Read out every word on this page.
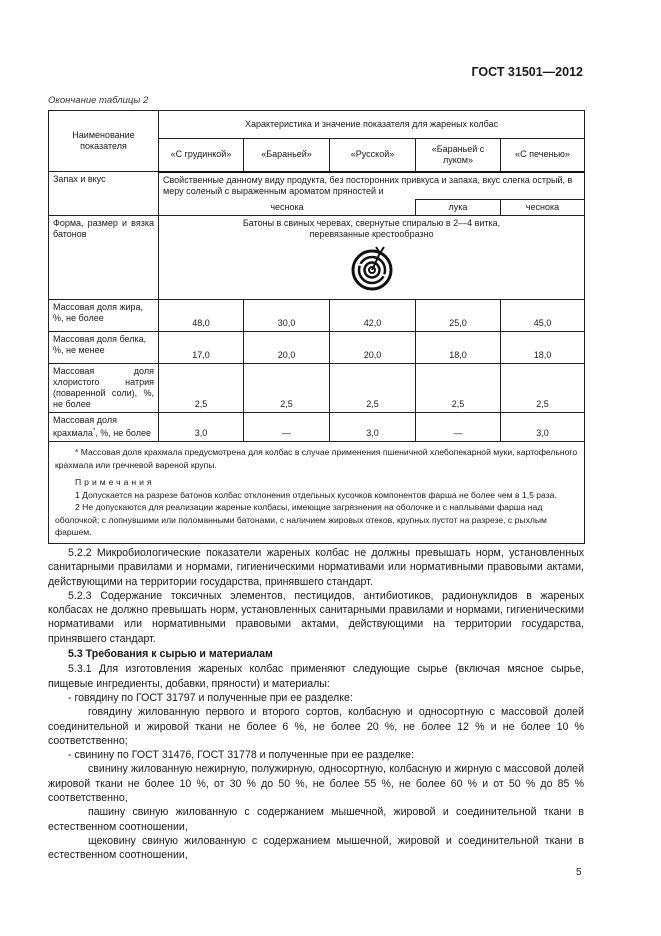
ГОСТ 31501—2012
Окончание таблицы 2
Наименование показателя	Характеристика и значение показателя для жареных колбас				
	«С грудинкой»	«Бараньей»	«Русской»	«Бараньей с луком»	«С печенью»
Запах и вкус	Свойственные данному виду продукта, без посторонних привкуса и запаха, вкус слегка острый, в меру соленый с выраженным ароматом пряностей и				
	чеснока			лука	чеснока
Форма, размер и вязка батонов	Батоны в свиных черевах, свернутые спиралью в 2—4 витка, перевязанные крестообразно				

Массовая доля жира, %, не более	48,0	30,0	42,0	25,0	45,0
Массовая доля белка, %, не менее	17,0	20,0	20,0	18,0	18,0
Массовая доля хлористого натрия (поваренной соли), %, не более	2,5	2,5	2,5	2,5	2,5
Массовая доля крахмала*, %, не более	3,0	—	3,0	—	3,0

* Массовая доля крахмала предусмотрена для колбас в случае применения пшеничной хлебопекарной муки, картофельного крахмала или гречневой вареной крупы.
Примечания
1 Допускается на разрезе батонов колбас отклонения отдельных кусочков компонентов фарша не более чем в 1,5 раза.
2 Не допускаются для реализации жареные колбасы, имеющие загрязнения на оболочке и с наплывами фарша над оболочкой; с лопнувшими или поломанными батонами, с наличием жировых отеков, крупных пустот на разрезе, с рыхлым фаршем.					

5.2.2 Микробиологические показатели жареных колбас не должны превышать норм, установленных санитарными правилами и нормами, гигиеническими нормативами или нормативными правовыми актами, действующими на территории государства, принявшего стандарт.

5.2.3 Содержание токсичных элементов, пестицидов, антибиотиков, радионуклидов в жареных колбасах не должно превышать норм, установленных санитарными правилами и нормами, гигиеническими нормативами или нормативными правовыми актами, действующими на территории государства, принявшего стандарт.

5.3 Требования к сырью и материалам

5.3.1 Для изготовления жареных колбас применяют следующие сырье (включая мясное сырье, пищевые ингредиенты, добавки, пряности) и материалы:

- говядину по ГОСТ 31797 и полученные при ее разделке:

говядину жилованную первого и второго сортов, колбасную и односортную с массовой долей соединительной и жировой ткани не более 6 %, не более 20 %, не более 12 % и не более 10 % соответственно;

- свинину по ГОСТ 31476, ГОСТ 31778 и полученные при ее разделке:

свинину жилованную нежирную, полужирную, односортную, колбасную и жирную с массовой долей жировой ткани не более 10 %, от 30 % до 50 %, не более 55 %, не более 60 % и от 50 % до 85 % соответственно,

пашину свиную жилованную с содержанием мышечной, жировой и соединительной ткани в естественном соотношении,

щековину свиную жилованную с содержанием мышечной, жировой и соединительной ткани в естественном соотношении,

5
